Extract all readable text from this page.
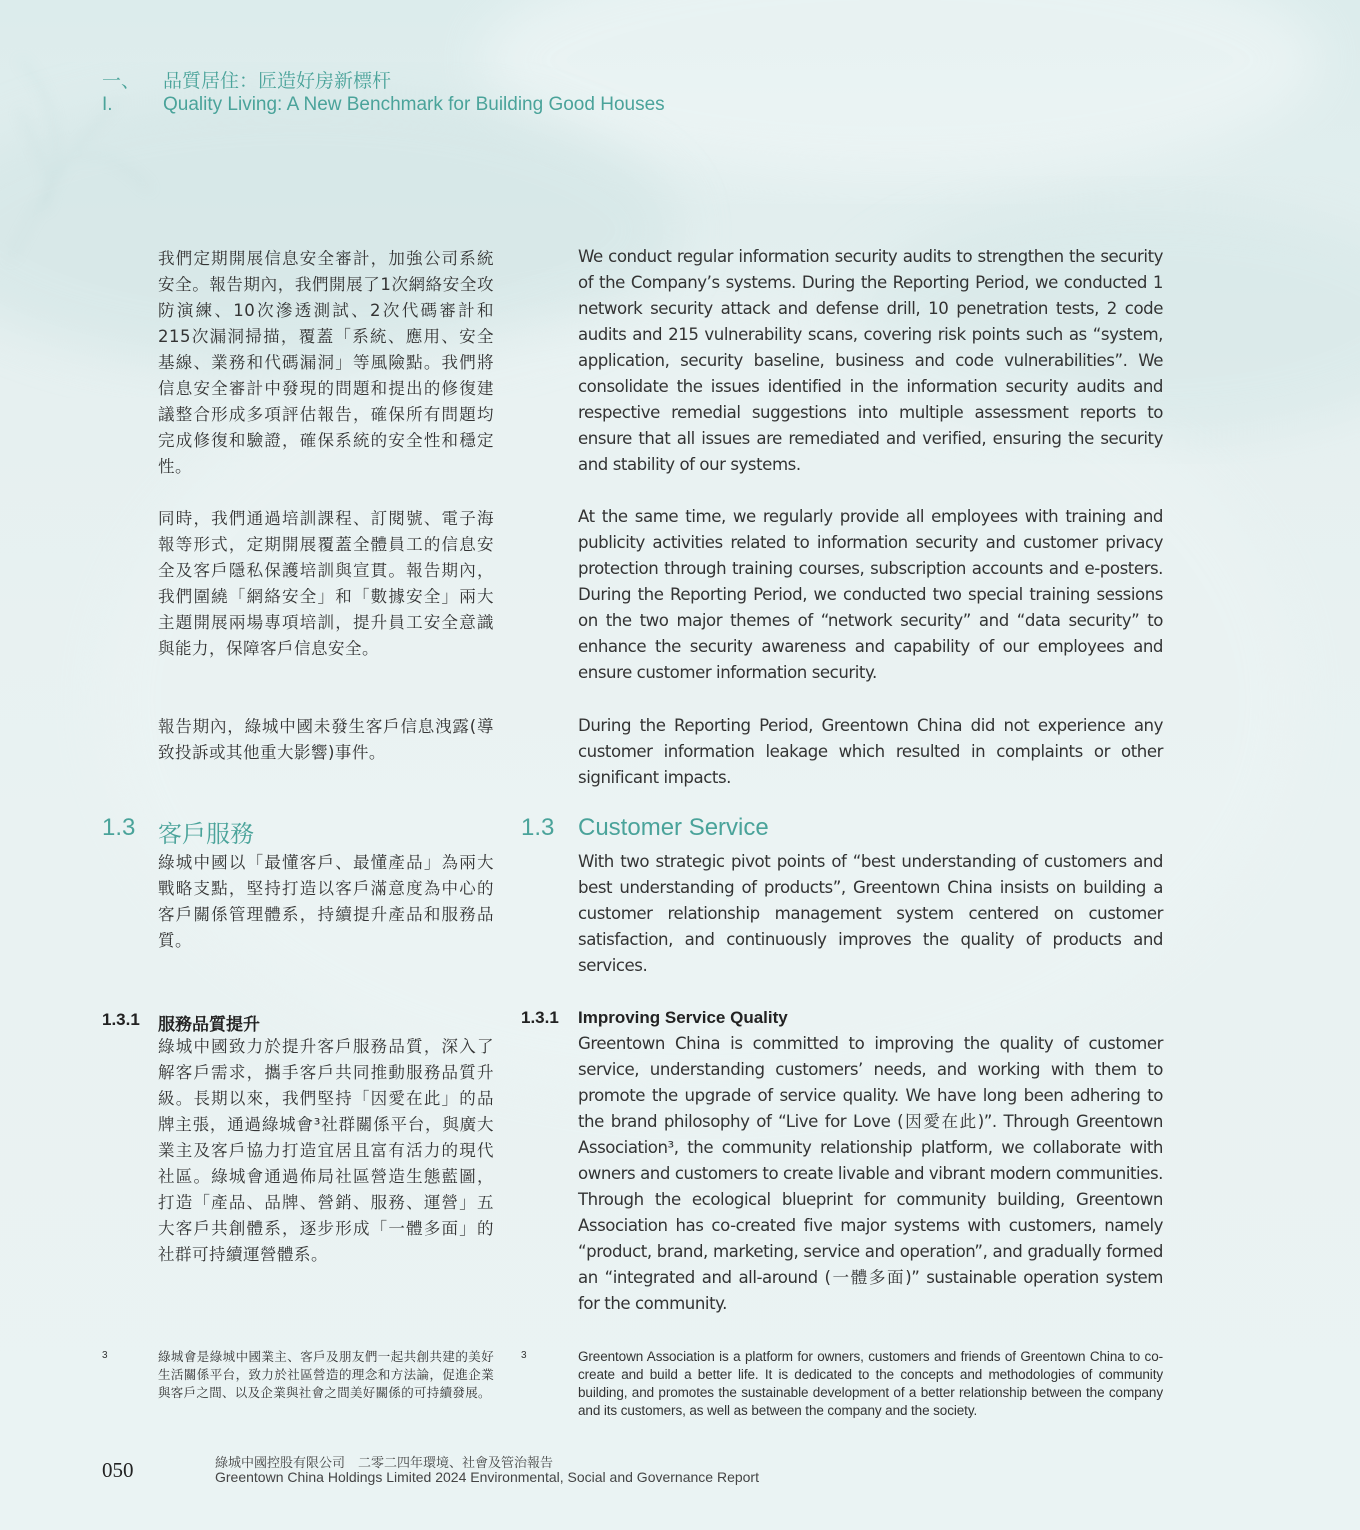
一、 品質居住：匠造好房新標杆
I.	Quality Living: A New Benchmark for Building Good Houses

我們定期開展信息安全審計，加強公司系統安全。報告期內，我們開展了1次網絡安全攻防演練、10次滲透測試、2次代碼審計和215次漏洞掃描，覆蓋「系統、應用、安全基線、業務和代碼漏洞」等風險點。我們將信息安全審計中發現的問題和提出的修復建議整合形成多項評估報告，確保所有問題均完成修復和驗證，確保系統的安全性和穩定性。

We conduct regular information security audits to strengthen the security of the Company’s systems. During the Reporting Period, we conducted 1 network security attack and defense drill, 10 penetration tests, 2 code audits and 215 vulnerability scans, covering risk points such as “system, application, security baseline, business and code vulnerabilities”. We consolidate the issues identified in the information security audits and respective remedial suggestions into multiple assessment reports to ensure that all issues are remediated and verified, ensuring the security and stability of our systems.

同時，我們通過培訓課程、訂閱號、電子海報等形式，定期開展覆蓋全體員工的信息安全及客戶隱私保護培訓與宣貫。報告期內，我們圍繞「網絡安全」和「數據安全」兩大主題開展兩場專項培訓，提升員工安全意識與能力，保障客戶信息安全。

At the same time, we regularly provide all employees with training and publicity activities related to information security and customer privacy protection through training courses, subscription accounts and e-posters. During the Reporting Period, we conducted two special training sessions on the two major themes of “network security” and “data security” to enhance the security awareness and capability of our employees and ensure customer information security.

報告期內，綠城中國未發生客戶信息洩露(導致投訴或其他重大影響)事件。

During the Reporting Period, Greentown China did not experience any customer information leakage which resulted in complaints or other significant impacts.

1.3 客戶服務	1.3 Customer Service

綠城中國以「最懂客戶、最懂產品」為兩大戰略支點，堅持打造以客戶滿意度為中心的客戶關係管理體系，持續提升產品和服務品質。

With two strategic pivot points of “best understanding of customers and best understanding of products”, Greentown China insists on building a customer relationship management system centered on customer satisfaction, and continuously improves the quality of products and services.

1.3.1 服務品質提升	1.3.1 Improving Service Quality

綠城中國致力於提升客戶服務品質，深入了解客戶需求，攜手客戶共同推動服務品質升級。長期以來，我們堅持「因愛在此」的品牌主張，通過綠城會³社群關係平台，與廣大業主及客戶協力打造宜居且富有活力的現代社區。綠城會通過佈局社區營造生態藍圖，打造「產品、品牌、營銷、服務、運營」五大客戶共創體系，逐步形成「一體多面」的社群可持續運營體系。

Greentown China is committed to improving the quality of customer service, understanding customers’ needs, and working with them to promote the upgrade of service quality. We have long been adhering to the brand philosophy of “Live for Love (因愛在此)”. Through Greentown Association³, the community relationship platform, we collaborate with owners and customers to create livable and vibrant modern communities. Through the ecological blueprint for community building, Greentown Association has co-created five major systems with customers, namely “product, brand, marketing, service and operation”, and gradually formed an “integrated and all-around (一體多面)” sustainable operation system for the community.

3	綠城會是綠城中國業主、客戶及朋友們一起共創共建的美好生活關係平台，致力於社區營造的理念和方法論，促進企業與客戶之間、以及企業與社會之間美好關係的可持續發展。

3	Greentown Association is a platform for owners, customers and friends of Greentown China to co-create and build a better life. It is dedicated to the concepts and methodologies of community building, and promotes the sustainable development of a better relationship between the company and its customers, as well as between the company and the society.

050	綠城中國控股有限公司　二零二四年環境、社會及管治報告
Greentown China Holdings Limited 2024 Environmental, Social and Governance Report
